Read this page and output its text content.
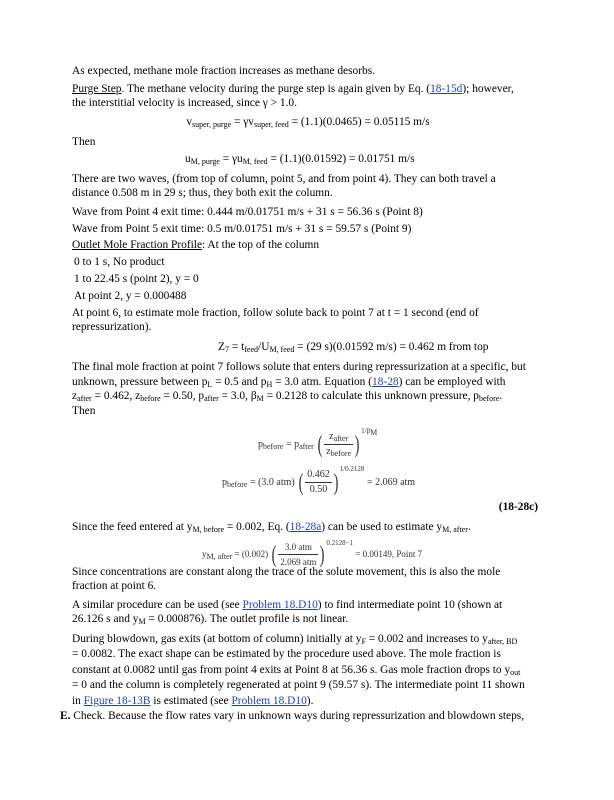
As expected, methane mole fraction increases as methane desorbs.

Purge Step. The methane velocity during the purge step is again given by Eq. (18-15d); however,
the interstitial velocity is increased, since γ > 1.0.

$v_{super, purge} = \gamma v_{super, feed} = (1.1)(0.0465) = 0.05115$ m/s

Then

$u_{M, purge} = \gamma u_{M, feed} = (1.1)(0.01592) = 0.01751$ m/s

There are two waves, (from top of column, point 5, and from point 4). They can both travel a
distance 0.508 m in 29 s; thus, they both exit the column.

Wave from Point 4 exit time: 0.444 m/0.01751 m/s + 31 s = 56.36 s (Point 8)

Wave from Point 5 exit time: 0.5 m/0.01751 m/s + 31 s = 59.57 s (Point 9)

Outlet Mole Fraction Profile: At the top of the column

0 to 1 s, No product

1 to 22.45 s (point 2), y = 0

At point 2, y = 0.000488

At point 6, to estimate mole fraction, follow solute back to point 7 at t = 1 second (end of
repressurization).

$Z_7 = t_{feed}/U_{M, feed} = (29$ s)(0.01592 m/s) = 0.462 m from top

The final mole fraction at point 7 follows solute that enters during repressurization at a specific, but
unknown, pressure between $p_L = 0.5$ and $p_H = 3.0$ atm. Equation (18-28) can be employed with
$z_{after} = 0.462$, $z_{before} = 0.50$, $p_{after} = 3.0$, $\beta_M = 0.2128$ to calculate this unknown pressure, $p_{before}$.
Then

$p_{before} = p_{after}$ ( $\frac{z_{after}}{z_{before}} )^{1/\beta_M}$
$p_{before} = (3.0$ atm) ( $\frac{0.462}{0.50} )^{1/0.2128} = 2.069$ atm

(18-28c)

Since the feed entered at $y_{M, before} = 0.002$, Eq. (18-28a) can be used to estimate $y_{M, after}$.

$y_{M, after} = (0.002)$ ( $\frac{\text{3.0 atm}}{\text{2.069 atm}}$ ) $^{0.2128-1}$ = 0.00149, Point 7

Since concentrations are constant along the trace of the solute movement, this is also the mole
fraction at point 6.

A similar procedure can be used (see Problem 18.D10) to find intermediate point 10 (shown at
26.126 s and $y_M = 0.000876$). The outlet profile is not linear.

During blowdown, gas exits (at bottom of column) initially at $y_F = 0.002$ and increases to $y_{after, BD}$
= 0.0082. The exact shape can be estimated by the procedure used above. The mole fraction is
constant at 0.0082 until gas from point 4 exits at Point 8 at 56.36 s. Gas mole fraction drops to $y_{out}$
= 0 and the column is completely regenerated at point 9 (59.57 s). The intermediate point 11 shown
in Figure 18-13B is estimated (see Problem 18.D10).

E. Check. Because the flow rates vary in unknown ways during repressurization and blowdown steps,
